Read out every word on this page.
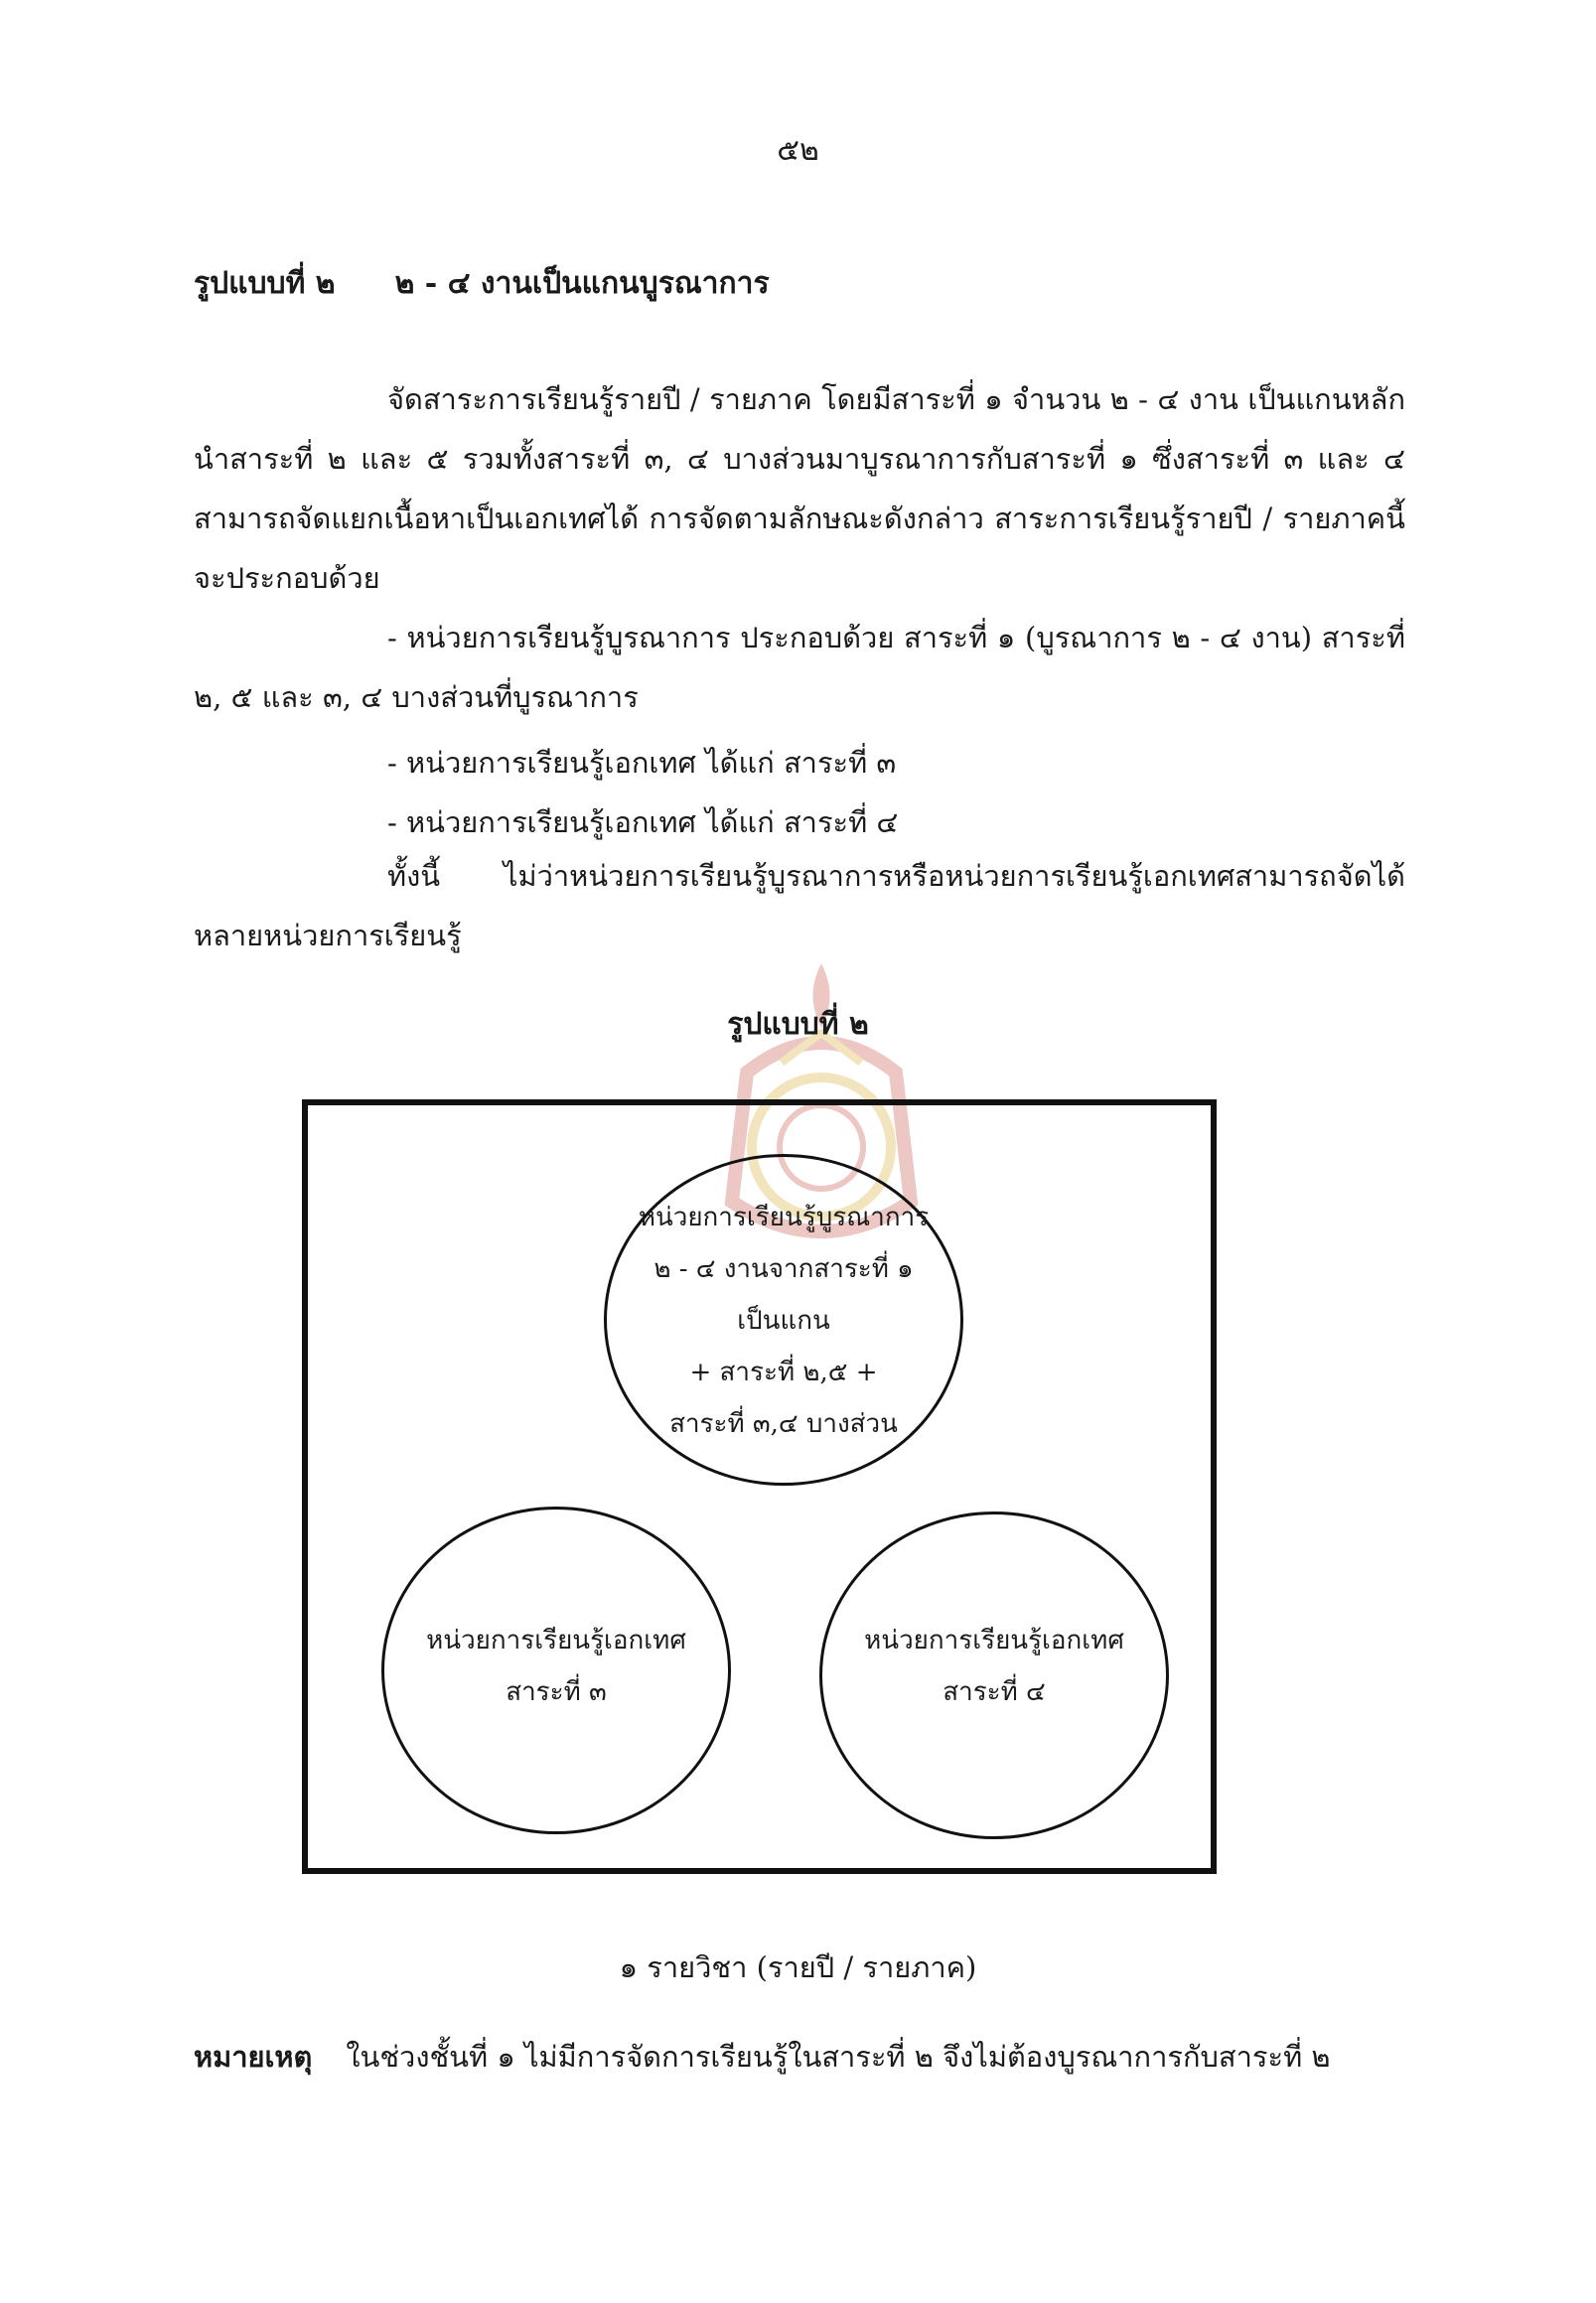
๕๒
รูปแบบที่ ๒ ๒ - ๔ งานเป็นแกนบูรณาการ
จัดสาระการเรียนรู้รายปี / รายภาค โดยมีสาระที่ ๑ จำนวน ๒ - ๔ งาน เป็นแกนหลัก นำสาระที่ ๒ และ ๕ รวมทั้งสาระที่ ๓, ๔ บางส่วนมาบูรณาการกับสาระที่ ๑ ซึ่งสาระที่ ๓ และ ๔ สามารถจัดแยกเนื้อหาเป็นเอกเทศได้ การจัดตามลักษณะดังกล่าว สาระการเรียนรู้รายปี / รายภาคนี้ จะประกอบด้วย
- หน่วยการเรียนรู้บูรณาการ ประกอบด้วย สาระที่ ๑ (บูรณาการ ๒ - ๔ งาน) สาระที่ ๒, ๕ และ ๓, ๔ บางส่วนที่บูรณาการ
- หน่วยการเรียนรู้เอกเทศ ได้แก่ สาระที่ ๓
- หน่วยการเรียนรู้เอกเทศ ได้แก่ สาระที่ ๔
ทั้งนี้ ไม่ว่าหน่วยการเรียนรู้บูรณาการหรือหน่วยการเรียนรู้เอกเทศสามารถจัดได้หลายหน่วยการเรียนรู้
รูปแบบที่ ๒
หน่วยการเรียนรู้บูรณาการ
๒ - ๔ งานจากสาระที่ ๑
เป็นแกน
+ สาระที่ ๒,๕ +
สาระที่ ๓,๔ บางส่วน
หน่วยการเรียนรู้เอกเทศ
สาระที่ ๓
หน่วยการเรียนรู้เอกเทศ
สาระที่ ๔
๑ รายวิชา (รายปี / รายภาค)
หมายเหตุ ในช่วงชั้นที่ ๑ ไม่มีการจัดการเรียนรู้ในสาระที่ ๒ จึงไม่ต้องบูรณาการกับสาระที่ ๒
